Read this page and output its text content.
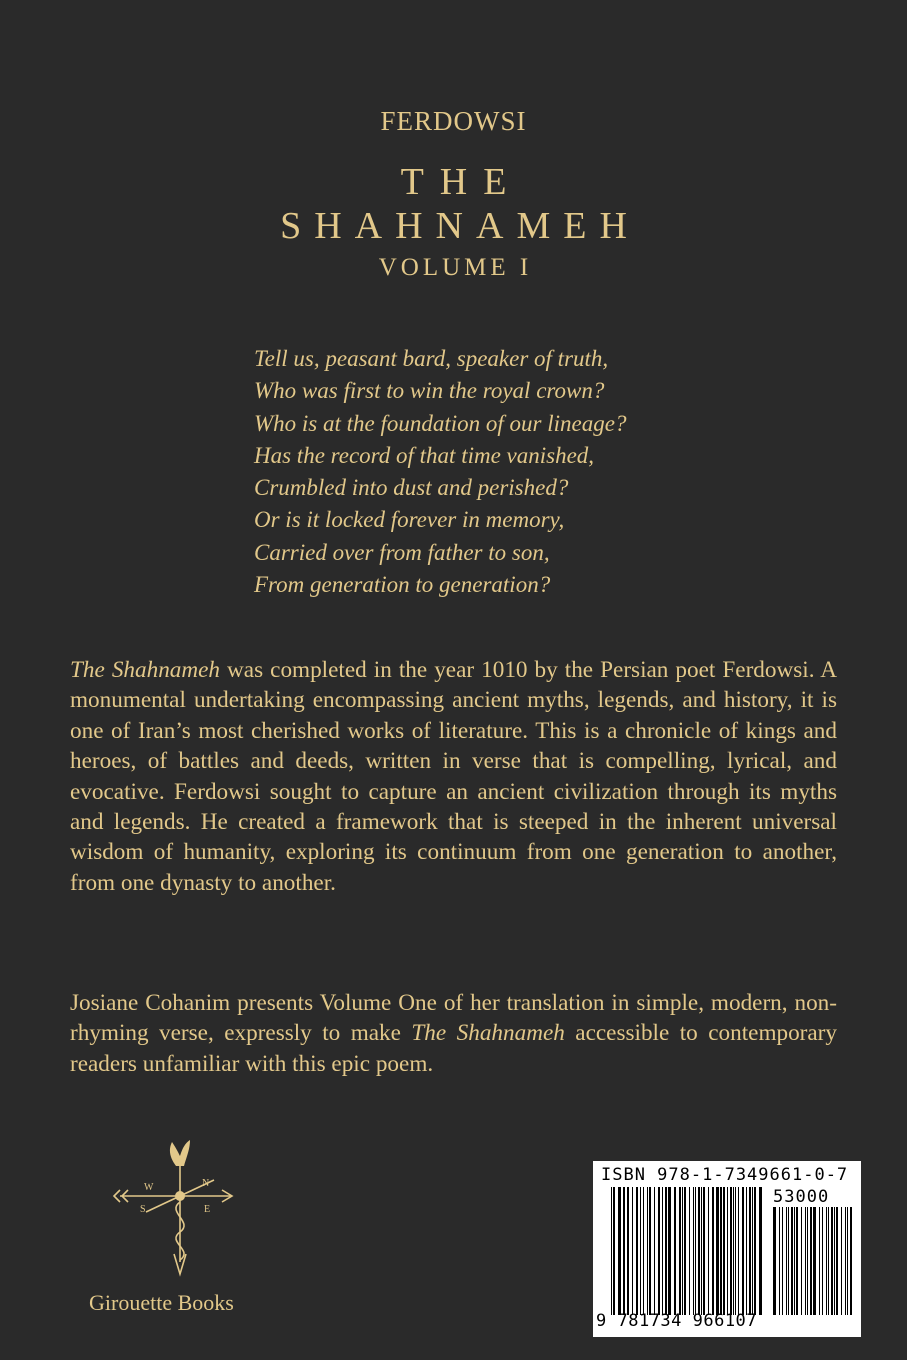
FERDOWSI
THE
SHAHNAMEH
VOLUME I
Tell us, peasant bard, speaker of truth,
Who was first to win the royal crown?
Who is at the foundation of our lineage?
Has the record of that time vanished,
Crumbled into dust and perished?
Or is it locked forever in memory,
Carried over from father to son,
From generation to generation?
The Shahnameh was completed in the year 1010 by the Persian poet Ferdowsi. A monumental undertaking encompassing ancient myths, legends, and history, it is one of Iran’s most cherished works of literature. This is a chronicle of kings and heroes, of battles and deeds, written in verse that is compelling, lyrical, and evocative. Ferdowsi sought to capture an ancient civilization through its myths and legends. He created a framework that is steeped in the inherent universal wisdom of humanity, exploring its continuum from one generation to another, from one dynasty to another.
Josiane Cohanim presents Volume One of her translation in simple, modern, non-rhyming verse, expressly to make The Shahnameh accessible to contemporary readers unfamiliar with this epic poem.
W	N
S	E
Girouette Books
ISBN 978-1-7349661-0-7
53000
9 781734 966107
